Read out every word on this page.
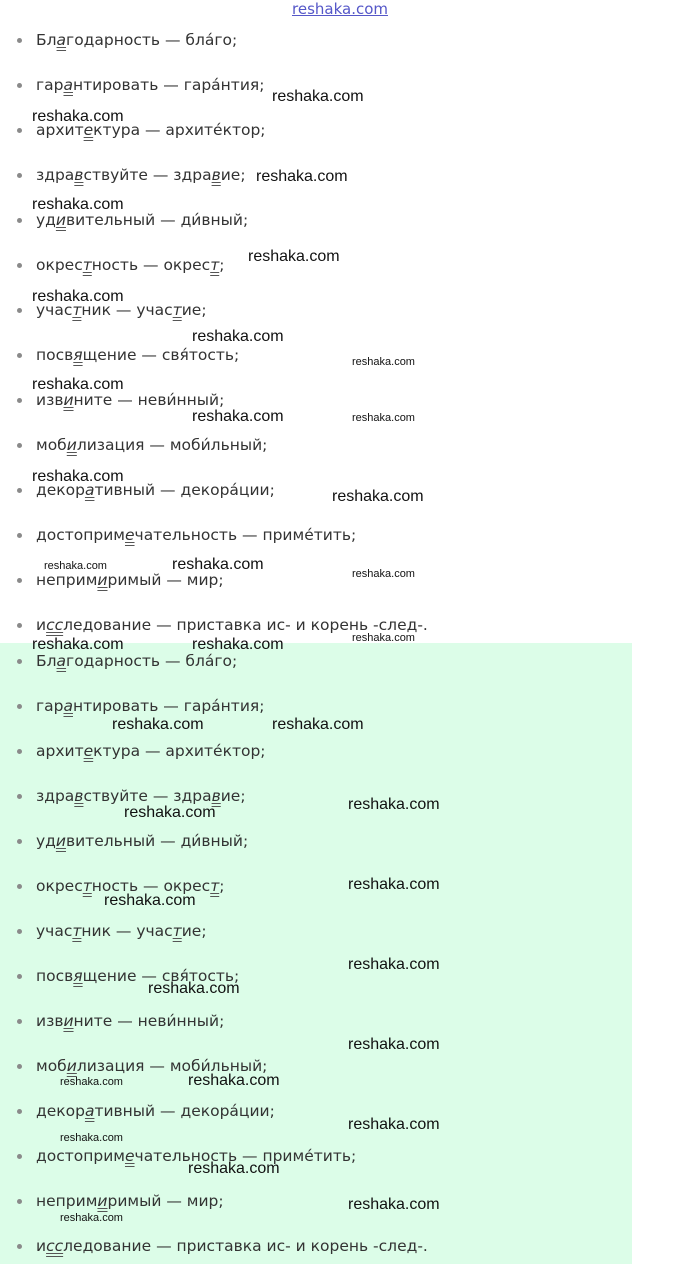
reshaka.com
Благодарность — бла́го;
гарантировать — гара́нтия;
архитектура — архите́ктор;
здравствуйте — здравие;
удивительный — ди́вный;
окрестность — окрест;
участник — участие;
посвящение — свя́тость;
извините — неви́нный;
мобилизация — моби́льный;
декоративный — декора́ции;
достопримечательность — приме́тить;
непримиримый — мир;
исследование — приставка ис- и корень -след-.
Благодарность — бла́го;
гарантировать — гара́нтия;
архитектура — архите́ктор;
здравствуйте — здравие;
удивительный — ди́вный;
окрестность — окрест;
участник — участие;
посвящение — свя́тость;
извините — неви́нный;
мобилизация — моби́льный;
декоративный — декора́ции;
достопримечательность — приме́тить;
непримиримый — мир;
исследование — приставка ис- и корень -след-.
reshaka.com
reshaka.com
reshaka.com
reshaka.com
reshaka.com
reshaka.com
reshaka.com
reshaka.com
reshaka.com
reshaka.com	reshaka.com
reshaka.com
reshaka.com
reshaka.com	reshaka.com
reshaka.com
reshaka.com
reshaka.com	reshaka.com
reshaka.com	reshaka.com
reshaka.com
reshaka.com
reshaka.com
reshaka.com
reshaka.com
reshaka.com
reshaka.com
reshaka.com	reshaka.com
reshaka.com
reshaka.com
reshaka.com
reshaka.com
reshaka.com
